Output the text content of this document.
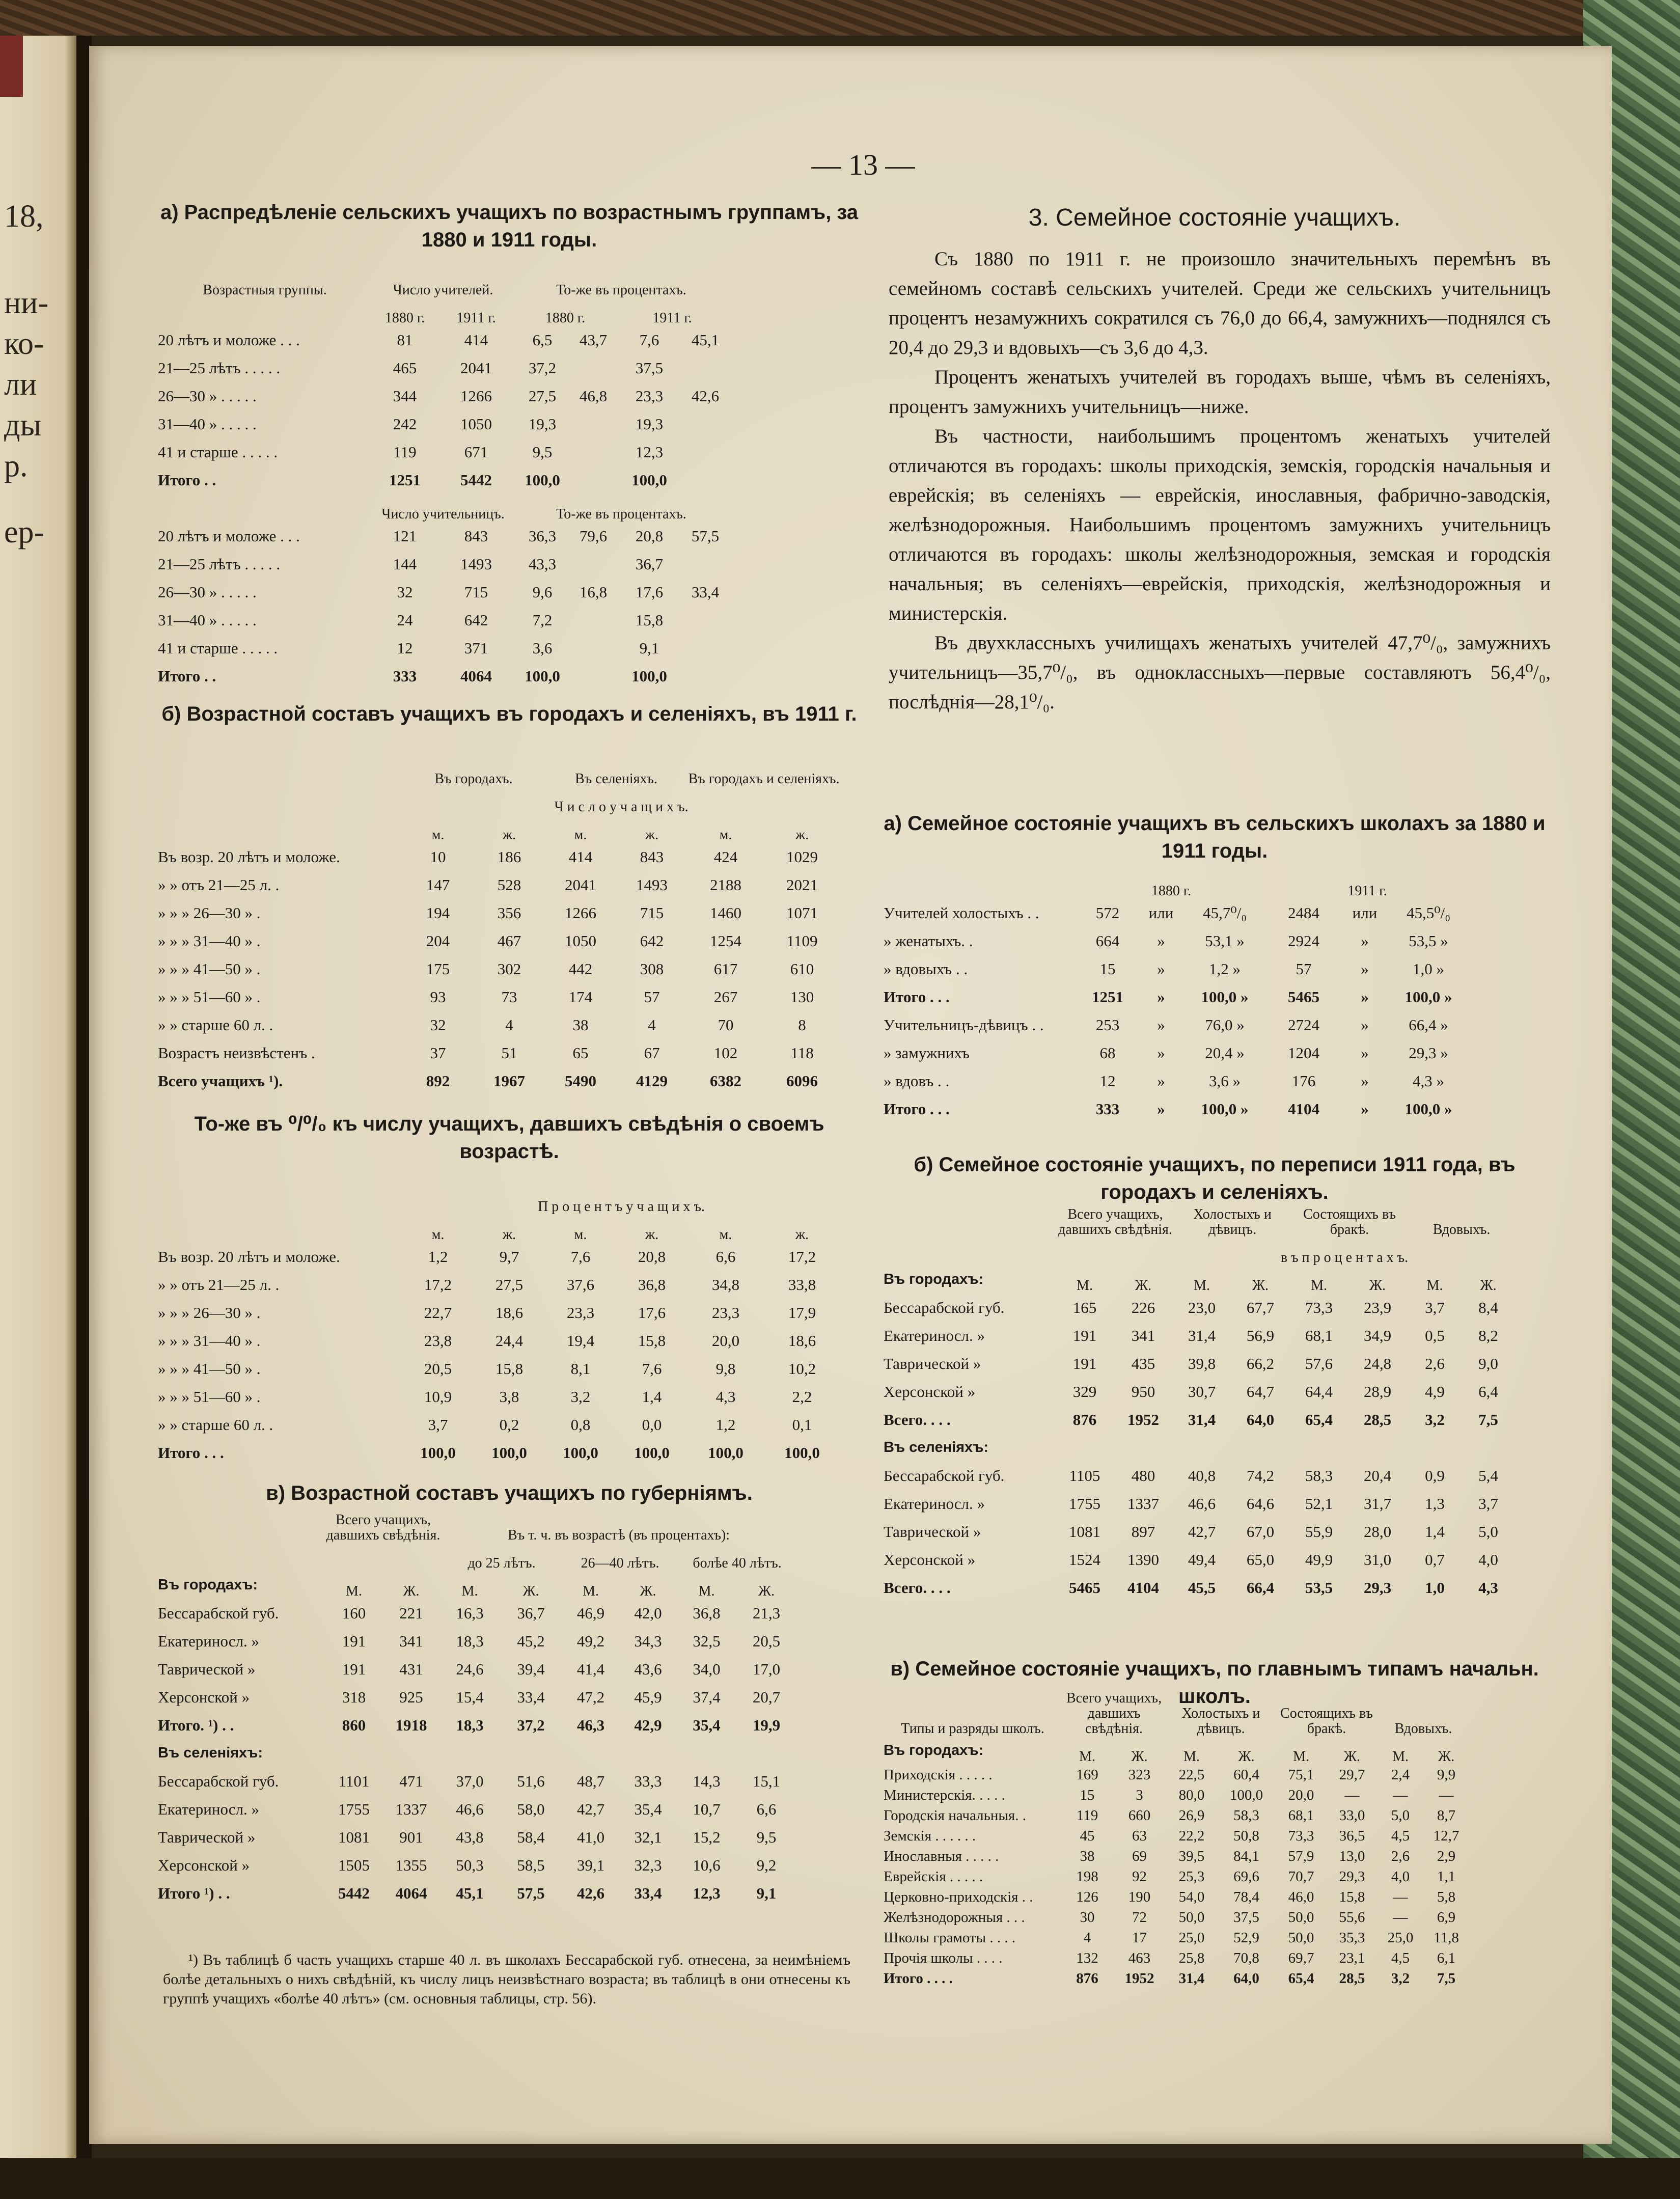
18,
ни-
ко-
ли
ды
р.
ер-
— 13 —
а) Распредѣленіе сельскихъ учащихъ по возрастнымъ группамъ, за 1880 и 1911 годы.
б) Возрастной составъ учащихъ въ городахъ и селеніяхъ, въ 1911 г.
То-же въ ⁰/⁰/₀ къ числу учащихъ, давшихъ свѣдѣнія о своемъ возрастѣ.
в) Возрастной составъ учащихъ по губерніямъ.

¹) Въ таблицѣ б часть учащихъ старше 40 л. въ школахъ Бессарабской губ. отнесена, за неимѣніемъ болѣе детальныхъ о нихъ свѣдѣній, къ числу лицъ неизвѣстнаго возраста; въ таблицѣ в они отнесены къ группѣ учащихъ «болѣе 40 лѣтъ» (см. основныя таблицы, стр. 56).

3. Семейное состояніе учащихъ.

Съ 1880 по 1911 г. не произошло значительныхъ перемѣнъ въ семейномъ составѣ сельскихъ учителей. Среди же сельскихъ учительницъ процентъ незамужнихъ сократился съ 76,0 до 66,4, замужнихъ—поднялся съ 20,4 до 29,3 и вдовыхъ—съ 3,6 до 4,3.

Процентъ женатыхъ учителей въ городахъ выше, чѣмъ въ селеніяхъ, процентъ замужнихъ учительницъ—ниже.

Въ частности, наибольшимъ процентомъ женатыхъ учителей отличаются въ городахъ: школы приходскія, земскія, городскія начальныя и еврейскія; въ селеніяхъ — еврейскія, инославныя, фабрично-заводскія, желѣзнодорожныя. Наибольшимъ процентомъ замужнихъ учительницъ отличаются въ городахъ: школы желѣзнодорожныя, земская и городскія начальныя; въ селеніяхъ—еврейскія, приходскія, желѣзнодорожныя и министерскія.

Въ двухклассныхъ училищахъ женатыхъ учителей 47,7⁰/₀, замужнихъ учительницъ—35,7⁰/₀, въ одноклассныхъ—первые составляютъ 56,4⁰/₀, послѣднія—28,1⁰/₀.

а) Семейное состояніе учащихъ въ сельскихъ школахъ за 1880 и 1911 годы.
б) Семейное состояніе учащихъ, по переписи 1911 года, въ городахъ и селеніяхъ.
в) Семейное состояніе учащихъ, по главнымъ типамъ начальн. школъ.
Возрастныя группы.	Число учителей.		То-же въ процентахъ.			
	1880 г.	1911 г.	1880 г.		1911 г.	
20 лѣтъ и моложе . . .	81	414	6,5	43,7	7,6	45,1
21—25 лѣтъ . . . . .	465	2041	37,2		37,5	
26—30 » . . . . .	344	1266	27,5	46,8	23,3	42,6
31—40 » . . . . .	242	1050	19,3		19,3	
41 и старше . . . . .	119	671	9,5		12,3	
Итого . .	1251	5442	100,0		100,0	
	Число учительницъ.		То-же въ процентахъ.			
20 лѣтъ и моложе . . .	121	843	36,3	79,6	20,8	57,5
21—25 лѣтъ . . . . .	144	1493	43,3		36,7	
26—30 » . . . . .	32	715	9,6	16,8	17,6	33,4
31—40 » . . . . .	24	642	7,2		15,8	
41 и старше . . . . .	12	371	3,6		9,1	
Итого . .	333	4064	100,0		100,0	
	Въ городахъ.		Въ селеніяхъ.		Въ городахъ и селеніяхъ.	
	Ч и с л о у ч а щ и х ъ.					
	м.	ж.	м.	ж.	м.	ж.
Въ возр. 20 лѣтъ и моложе.	10	186	414	843	424	1029
» » отъ 21—25 л. .	147	528	2041	1493	2188	2021
» » » 26—30 » .	194	356	1266	715	1460	1071
» » » 31—40 » .	204	467	1050	642	1254	1109
» » » 41—50 » .	175	302	442	308	617	610
» » » 51—60 » .	93	73	174	57	267	130
» » старше 60 л. .	32	4	38	4	70	8
Возрастъ неизвѣстенъ .	37	51	65	67	102	118
Всего учащихъ ¹).	892	1967	5490	4129	6382	6096
	П р о ц е н т ъ у ч а щ и х ъ.					
	м.	ж.	м.	ж.	м.	ж.
Въ возр. 20 лѣтъ и моложе.	1,2	9,7	7,6	20,8	6,6	17,2
» » отъ 21—25 л. .	17,2	27,5	37,6	36,8	34,8	33,8
» » » 26—30 » .	22,7	18,6	23,3	17,6	23,3	17,9
» » » 31—40 » .	23,8	24,4	19,4	15,8	20,0	18,6
» » » 41—50 » .	20,5	15,8	8,1	7,6	9,8	10,2
» » » 51—60 » .	10,9	3,8	3,2	1,4	4,3	2,2
» » старше 60 л. .	3,7	0,2	0,8	0,0	1,2	0,1
Итого . . .	100,0	100,0	100,0	100,0	100,0	100,0
	Всего учащихъ, давшихъ свѣдѣнія.		Въ т. ч. въ возрастѣ (въ процентахъ):					
			до 25 лѣтъ.		26—40 лѣтъ.		болѣе 40 лѣтъ.	
Въ городахъ:	М.	Ж.	М.	Ж.	М.	Ж.	М.	Ж.
Бессарабской губ.	160	221	16,3	36,7	46,9	42,0	36,8	21,3
Екатериносл. »	191	341	18,3	45,2	49,2	34,3	32,5	20,5
Таврической »	191	431	24,6	39,4	41,4	43,6	34,0	17,0
Херсонской »	318	925	15,4	33,4	47,2	45,9	37,4	20,7
Итого. ¹) . .	860	1918	18,3	37,2	46,3	42,9	35,4	19,9
Въ селеніяхъ:								
Бессарабской губ.	1101	471	37,0	51,6	48,7	33,3	14,3	15,1
Екатериносл. »	1755	1337	46,6	58,0	42,7	35,4	10,7	6,6
Таврической »	1081	901	43,8	58,4	41,0	32,1	15,2	9,5
Херсонской »	1505	1355	50,3	58,5	39,1	32,3	10,6	9,2
Итого ¹) . .	5442	4064	45,1	57,5	42,6	33,4	12,3	9,1
	1880 г.			1911 г.		
Учителей холостыхъ . .	572	или	45,7⁰/₀	2484	или	45,5⁰/₀
» женатыхъ. .	664	»	53,1 »	2924	»	53,5 »
» вдовыхъ . .	15	»	1,2 »	57	»	1,0 »
Итого . . .	1251	»	100,0 »	5465	»	100,0 »
Учительницъ-дѣвицъ . .	253	»	76,0 »	2724	»	66,4 »
» замужнихъ	68	»	20,4 »	1204	»	29,3 »
» вдовъ . .	12	»	3,6 »	176	»	4,3 »
Итого . . .	333	»	100,0 »	4104	»	100,0 »
	Всего учащихъ, давшихъ свѣдѣнія.		Холостыхъ и дѣвицъ.		Состоящихъ въ бракѣ.		Вдовыхъ.	
			в ъ п р о ц е н т а х ъ.					
Въ городахъ:	М.	Ж.	М.	Ж.	М.	Ж.	М.	Ж.
Бессарабской губ.	165	226	23,0	67,7	73,3	23,9	3,7	8,4
Екатериносл. »	191	341	31,4	56,9	68,1	34,9	0,5	8,2
Таврической »	191	435	39,8	66,2	57,6	24,8	2,6	9,0
Херсонской »	329	950	30,7	64,7	64,4	28,9	4,9	6,4
Всего. . . .	876	1952	31,4	64,0	65,4	28,5	3,2	7,5
Въ селеніяхъ:								
Бессарабской губ.	1105	480	40,8	74,2	58,3	20,4	0,9	5,4
Екатериносл. »	1755	1337	46,6	64,6	52,1	31,7	1,3	3,7
Таврической »	1081	897	42,7	67,0	55,9	28,0	1,4	5,0
Херсонской »	1524	1390	49,4	65,0	49,9	31,0	0,7	4,0
Всего. . . .	5465	4104	45,5	66,4	53,5	29,3	1,0	4,3
Типы и разряды школъ.	Всего учащихъ, давшихъ свѣдѣнія.		Холостыхъ и дѣвицъ.		Состоящихъ въ бракѣ.		Вдовыхъ.	
Въ городахъ:	М.	Ж.	М.	Ж.	М.	Ж.	М.	Ж.
Приходскія . . . . .	169	323	22,5	60,4	75,1	29,7	2,4	9,9
Министерскія. . . . .	15	3	80,0	100,0	20,0	—	—	—
Городскія начальныя. .	119	660	26,9	58,3	68,1	33,0	5,0	8,7
Земскія . . . . . .	45	63	22,2	50,8	73,3	36,5	4,5	12,7
Инославныя . . . . .	38	69	39,5	84,1	57,9	13,0	2,6	2,9
Еврейскія . . . . .	198	92	25,3	69,6	70,7	29,3	4,0	1,1
Церковно-приходскія . .	126	190	54,0	78,4	46,0	15,8	—	5,8
Желѣзнодорожныя . . .	30	72	50,0	37,5	50,0	55,6	—	6,9
Школы грамоты . . . .	4	17	25,0	52,9	50,0	35,3	25,0	11,8
Прочія школы . . . .	132	463	25,8	70,8	69,7	23,1	4,5	6,1
Итого . . . .	876	1952	31,4	64,0	65,4	28,5	3,2	7,5
